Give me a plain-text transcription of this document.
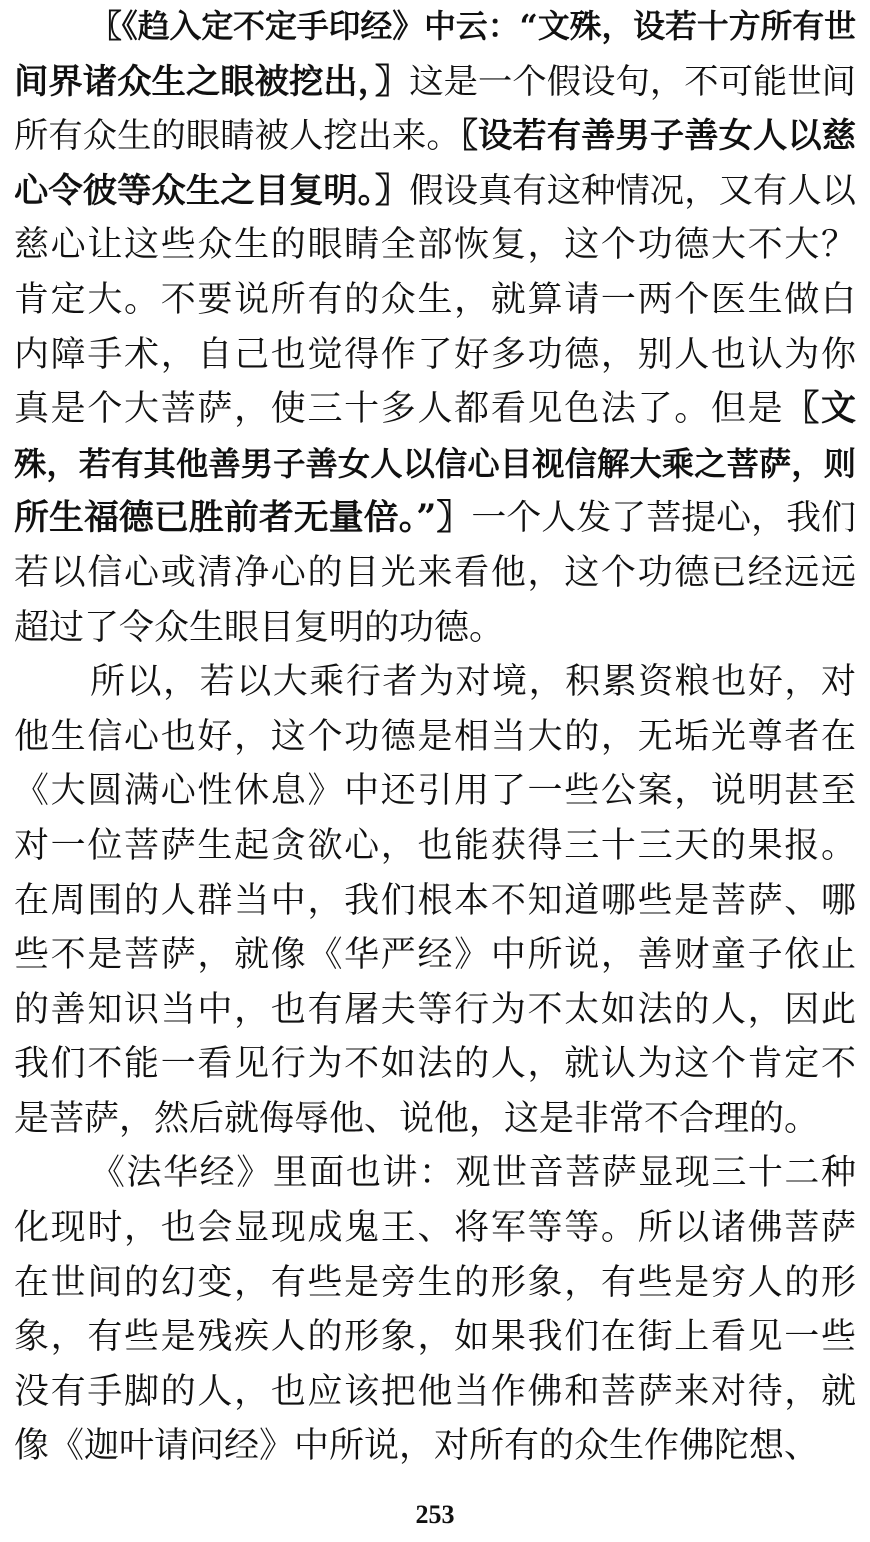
〖《趋入定不定手印经》中云：“文殊，设若十方所有世
间界诸众生之眼被挖出，〗这是一个假设句，不可能世间
所有众生的眼睛被人挖出来。〖设若有善男子善女人以慈
心令彼等众生之目复明。〗假设真有这种情况，又有人以
慈心让这些众生的眼睛全部恢复，这个功德大不大？
肯定大。不要说所有的众生，就算请一两个医生做白
内障手术，自己也觉得作了好多功德，别人也认为你
真是个大菩萨，使三十多人都看见色法了。但是〖文
殊，若有其他善男子善女人以信心目视信解大乘之菩萨，则
所生福德已胜前者无量倍。”〗一个人发了菩提心，我们
若以信心或清净心的目光来看他，这个功德已经远远
超过了令众生眼目复明的功德。
所以，若以大乘行者为对境，积累资粮也好，对
他生信心也好，这个功德是相当大的，无垢光尊者在
《大圆满心性休息》中还引用了一些公案，说明甚至
对一位菩萨生起贪欲心，也能获得三十三天的果报。
在周围的人群当中，我们根本不知道哪些是菩萨、哪
些不是菩萨，就像《华严经》中所说，善财童子依止
的善知识当中，也有屠夫等行为不太如法的人，因此
我们不能一看见行为不如法的人，就认为这个肯定不
是菩萨，然后就侮辱他、说他，这是非常不合理的。
《法华经》里面也讲：观世音菩萨显现三十二种
化现时，也会显现成鬼王、将军等等。所以诸佛菩萨
在世间的幻变，有些是旁生的形象，有些是穷人的形
象，有些是残疾人的形象，如果我们在街上看见一些
没有手脚的人，也应该把他当作佛和菩萨来对待，就
像《迦叶请问经》中所说，对所有的众生作佛陀想、
253
